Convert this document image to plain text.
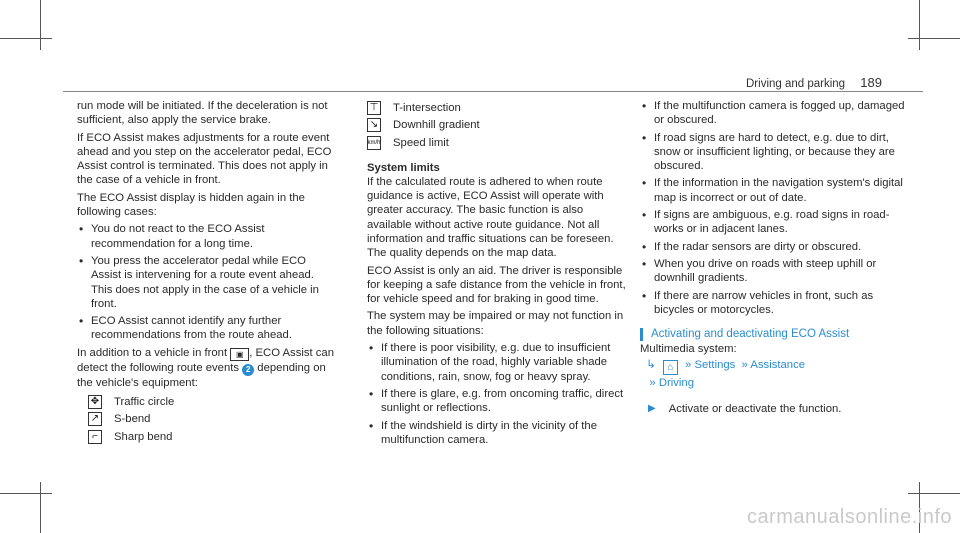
Driving and parking 189

run mode will be initiated. If the deceleration is not sufficient, also apply the service brake.

If ECO Assist makes adjustments for a route event ahead and you step on the accelerator pedal, ECO Assist control is terminated. This does not apply in the case of a vehicle in front.

The ECO Assist display is hidden again in the following cases:

• You do not react to the ECO Assist recommendation for a long time.
• You press the accelerator pedal while ECO Assist is intervening for a route event ahead. This does not apply in the case of a vehicle in front.
• ECO Assist cannot identify any further recommendations from the route ahead.

In addition to a vehicle in front ▣ , ECO Assist can detect the following route events 2 depending on the vehicle's equipment:

✥ Traffic circle
↗ S-bend
⌐	Sharp bend
⊤ T-intersection
↘ Downhill gradient
km/h Speed limit
System limits

If the calculated route is adhered to when route guidance is active, ECO Assist will operate with greater accuracy. The basic function is also available without active route guidance. Not all information and traffic situations can be foreseen. The quality depends on the map data.

ECO Assist is only an aid. The driver is responsible for keeping a safe distance from the vehicle in front, for vehicle speed and for braking in good time.

The system may be impaired or may not function in the following situations:

• If there is poor visibility, e.g. due to insufficient illumination of the road, highly variable shade conditions, rain, snow, fog or heavy spray.
• If there is glare, e.g. from oncoming traffic, direct sunlight or reflections.
• If the windshield is dirty in the vicinity of the multifunction camera.
• If the multifunction camera is fogged up, damaged or obscured.
• If road signs are hard to detect, e.g. due to dirt, snow or insufficient lighting, or because they are obscured.
• If the information in the navigation system's digital map is incorrect or out of date.
• If signs are ambiguous, e.g. road signs in road-works or in adjacent lanes.
• If the radar sensors are dirty or obscured.
• When you drive on roads with steep uphill or downhill gradients.
• If there are narrow vehicles in front, such as bicycles or motorcycles.
Activating and deactivating ECO Assist
Multimedia system:
↳ ⌂ » Settings  » Assistance
» Driving
▶ Activate or deactivate the function.
carmanualsonline.info
